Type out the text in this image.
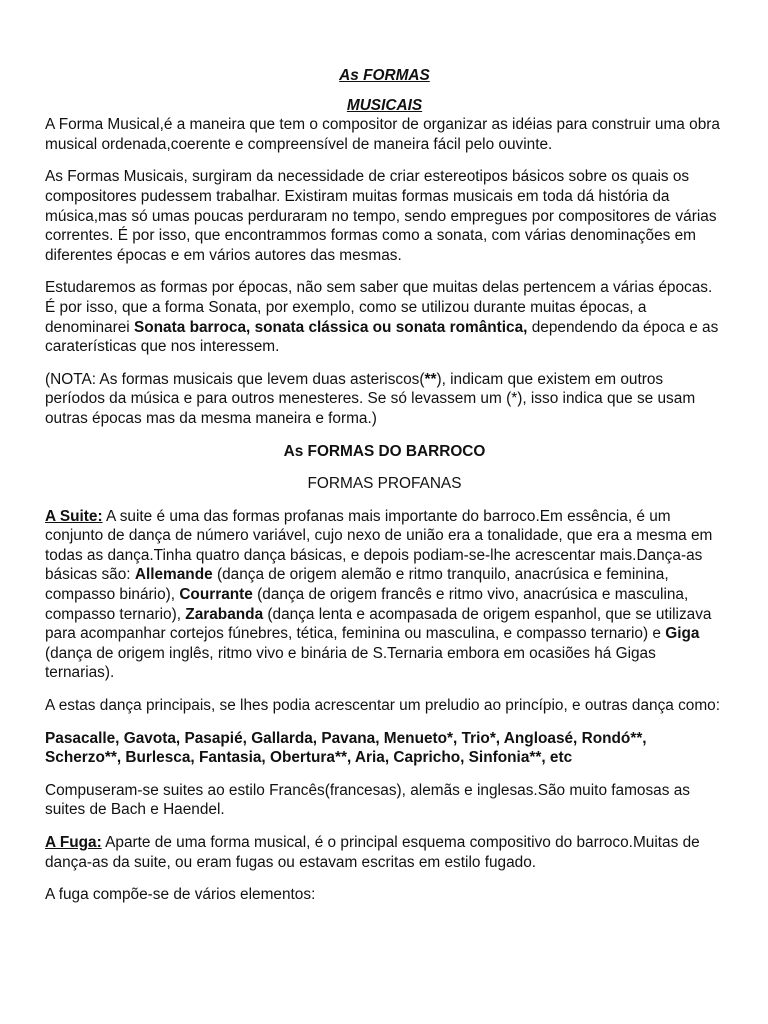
As FORMAS
MUSICAIS

A Forma Musical,é a maneira que tem o compositor de organizar as idéias para construir uma obra musical ordenada,coerente e compreensível de maneira fácil pelo ouvinte.

As Formas Musicais, surgiram da necessidade de criar estereotipos básicos sobre os quais os compositores pudessem trabalhar. Existiram muitas formas musicais em toda dá história da música,mas só umas poucas perduraram no tempo, sendo empregues por compositores de várias correntes. É por isso, que encontrammos formas como a sonata, com várias denominações em diferentes épocas e em vários autores das mesmas.

Estudaremos as formas por épocas, não sem saber que muitas delas pertencem a várias épocas. É por isso, que a forma Sonata, por exemplo, como se utilizou durante muitas épocas, a denominarei Sonata barroca, sonata clássica ou sonata romântica, dependendo da época e as caraterísticas que nos interessem.

(NOTA: As formas musicais que levem duas asteriscos(**), indicam que existem em outros períodos da música e para outros menesteres. Se só levassem um (*), isso indica que se usam outras épocas mas da mesma maneira e forma.)

As FORMAS DO BARROCO
FORMAS PROFANAS

A Suite: A suite é uma das formas profanas mais importante do barroco.Em essência, é um conjunto de dança de número variável, cujo nexo de união era a tonalidade, que era a mesma em todas as dança.Tinha quatro dança básicas, e depois podiam-se-lhe acrescentar mais.Dança-as básicas são: Allemande (dança de origem alemão e ritmo tranquilo, anacrúsica e feminina, compasso binário), Courrante (dança de origem francês e ritmo vivo, anacrúsica e masculina, compasso ternario), Zarabanda (dança lenta e acompasada de origem espanhol, que se utilizava para acompanhar cortejos fúnebres, tética, feminina ou masculina, e compasso ternario) e Giga (dança de origem inglês, ritmo vivo e binária de S.Ternaria embora em ocasiões há Gigas ternarias).

A estas dança principais, se lhes podia acrescentar um preludio ao princípio, e outras dança como:

Pasacalle, Gavota, Pasapié, Gallarda, Pavana, Menueto*, Trio*, Angloasé, Rondó**, Scherzo**, Burlesca, Fantasia, Obertura**, Aria, Capricho, Sinfonia**, etc

Compuseram-se suites ao estilo Francês(francesas), alemãs e inglesas.São muito famosas as suites de Bach e Haendel.

A Fuga: Aparte de uma forma musical, é o principal esquema compositivo do barroco.Muitas de dança-as da suite, ou eram fugas ou estavam escritas em estilo fugado.

A fuga compõe-se de vários elementos:
